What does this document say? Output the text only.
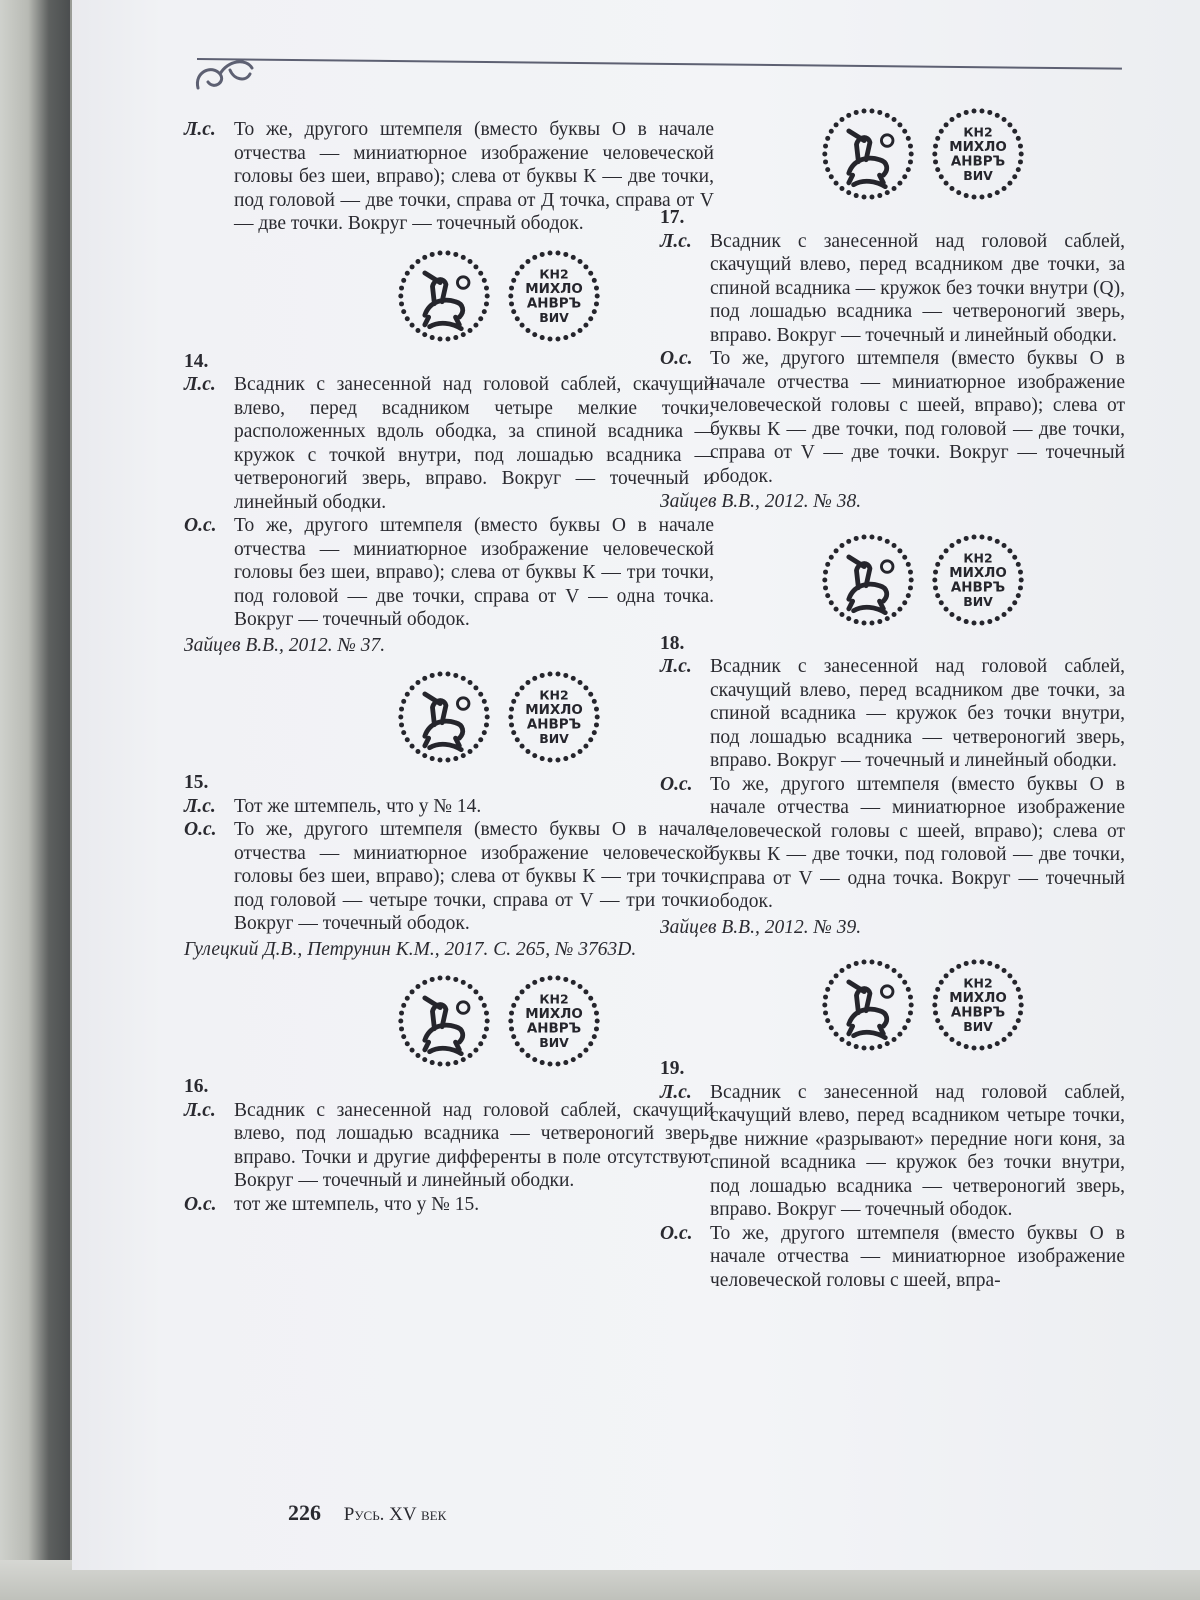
Л.с. То же, другого штемпеля (вместо буквы О в начале отчества — миниатюрное изображение человеческой головы без шеи, вправо); слева от буквы К — две точки, под головой — две точки, справа от Д точка, справа от V — две точки. Вокруг — точечный ободок.
КН2
МИХЛО
АНВРЪ
ВИV
14.
Л.с. Всадник с занесенной над головой саблей, скачущий влево, перед всадником четыре мелкие точки, расположенных вдоль ободка, за спиной всадника — кружок с точкой внутри, под лошадью всадника — четвероногий зверь, вправо. Вокруг — точечный и линейный ободки.
О.с. То же, другого штемпеля (вместо буквы О в начале отчества — миниатюрное изображение человеческой головы без шеи, вправо); слева от буквы К — три точки, под головой — две точки, справа от V — одна точка. Вокруг — точечный ободок.
Зайцев В.В., 2012. № 37.
КН2
МИХЛО
АНВРЪ
ВИV
15.
Л.с. Тот же штемпель, что у № 14.
О.с. То же, другого штемпеля (вместо буквы О в начале отчества — миниатюрное изображение человеческой головы без шеи, вправо); слева от буквы К — три точки, под головой — четыре точки, справа от V — три точки. Вокруг — точечный ободок.
Гулецкий Д.В., Петрунин К.М., 2017. С. 265, № 3763D.
КН2
МИХЛО
АНВРЪ
ВИV
16.
Л.с. Всадник с занесенной над головой саблей, скачущий влево, под лошадью всадника — четвероногий зверь, вправо. Точки и другие дифференты в поле отсутствуют. Вокруг — точечный и линейный ободки.
О.с. тот же штемпель, что у № 15.
КН2
МИХЛО
АНВРЪ
ВИV
17.
Л.с. Всадник с занесенной над головой саблей, скачущий влево, перед всадником две точки, за спиной всадника — кружок без точки внутри (Q), под лошадью всадника — четвероногий зверь, вправо. Вокруг — точечный и линейный ободки.
О.с. То же, другого штемпеля (вместо буквы О в начале отчества — миниатюрное изображение человеческой головы с шеей, вправо); слева от буквы К — две точки, под головой — две точки, справа от V — две точки. Вокруг — точечный ободок.
Зайцев В.В., 2012. № 38.
КН2
МИХЛО
АНВРЪ
ВИV
18.
Л.с. Всадник с занесенной над головой саблей, скачущий влево, перед всадником две точки, за спиной всадника — кружок без точки внутри, под лошадью всадника — четвероногий зверь, вправо. Вокруг — точечный и линейный ободки.
О.с. То же, другого штемпеля (вместо буквы О в начале отчества — миниатюрное изображение человеческой головы с шеей, вправо); слева от буквы К — две точки, под головой — две точки, справа от V — одна точка. Вокруг — точечный ободок.
Зайцев В.В., 2012. № 39.
КН2
МИХЛО
АНВРЪ
ВИV
19.
Л.с. Всадник с занесенной над головой саблей, скачущий влево, перед всадником четыре точки, две нижние «разрывают» передние ноги коня, за спиной всадника — кружок без точки внутри, под лошадью всадника — четвероногий зверь, вправо. Вокруг — точечный ободок.
О.с. То же, другого штемпеля (вместо буквы О в начале отчества — миниатюрное изображение человеческой головы с шеей, впра-
226 Русь. XV век
